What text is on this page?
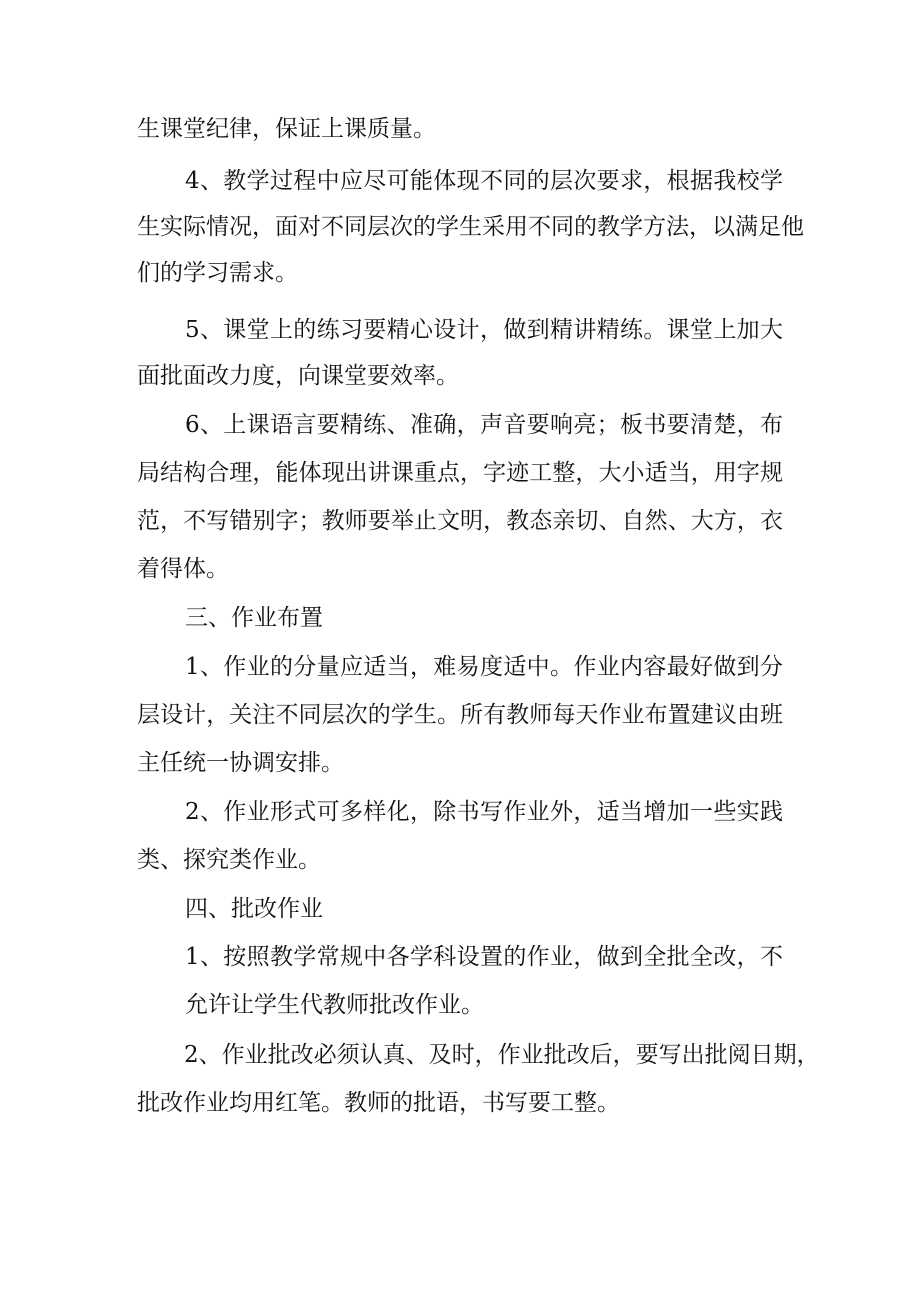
生课堂纪律，保证上课质量。

4、教学过程中应尽可能体现不同的层次要求，根据我校学

生实际情况，面对不同层次的学生采用不同的教学方法，以满足他

们的学习需求。

5、课堂上的练习要精心设计，做到精讲精练。课堂上加大

面批面改力度，向课堂要效率。

6、上课语言要精练、准确，声音要响亮；板书要清楚，布

局结构合理，能体现出讲课重点，字迹工整，大小适当，用字规

范，不写错别字；教师要举止文明，教态亲切、自然、大方，衣

着得体。

三、作业布置

1、作业的分量应适当，难易度适中。作业内容最好做到分

层设计，关注不同层次的学生。所有教师每天作业布置建议由班

主任统一协调安排。

2、作业形式可多样化，除书写作业外，适当增加一些实践

类、探究类作业。

四、批改作业

1、按照教学常规中各学科设置的作业，做到全批全改，不

允许让学生代教师批改作业。

2、作业批改必须认真、及时，作业批改后，要写出批阅日期，

批改作业均用红笔。教师的批语，书写要工整。
